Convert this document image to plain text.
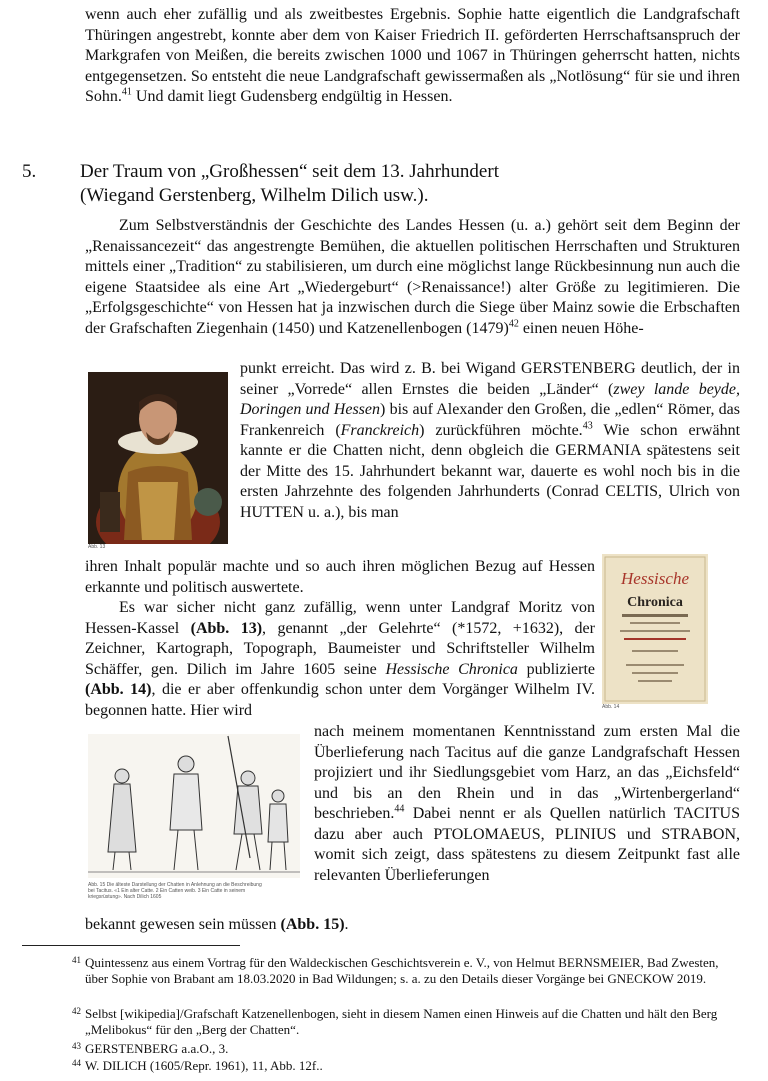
wenn auch eher zufällig und als zweitbestes Ergebnis. Sophie hatte eigentlich die Landgrafschaft Thüringen angestrebt, konnte aber dem von Kaiser Friedrich II. geförderten Herrschaftsanspruch der Markgrafen von Meißen, die bereits zwischen 1000 und 1067 in Thüringen geherrscht hatten, nichts entgegensetzen. So entsteht die neue Landgrafschaft gewissermaßen als „Notlösung“ für sie und ihren Sohn.$^{41}$ Und damit liegt Gudensberg endgültig in Hessen.

5. Der Traum von „Großhessen“ seit dem 13. Jahrhundert
(Wiegand Gerstenberg, Wilhelm Dilich usw.).

Zum Selbstverständnis der Geschichte des Landes Hessen (u. a.) gehört seit dem Beginn der „Renaissancezeit“ das angestrengte Bemühen, die aktuellen politischen Herrschaften und Strukturen mittels einer „Tradition“ zu stabilisieren, um durch eine möglichst lange Rückbesinnung nun auch die eigene Staatsidee als eine Art „Wiedergeburt“ (>Renaissance!) alter Größe zu legitimieren. Die „Erfolgsgeschichte“ von Hessen hat ja inzwischen durch die Siege über Mainz sowie die Erbschaften der Grafschaften Ziegenhain (1450) und Katzenellenbogen $(1479)^{42}$ einen neuen Höhe-

Abb. 13

punkt erreicht. Das wird z. B. bei Wigand GERSTENBERG deutlich, der in seiner „Vorrede“ allen Ernstes die beiden „Länder“ (zwey lande beyde, Doringen und Hessen) bis auf Alexander den Großen, die „edlen“ Römer, das Frankenreich (Franckreich) zurückführen möchte.$^{43}$ Wie schon erwähnt kannte er die Chatten nicht, denn obgleich die GERMANIA spätestens seit der Mitte des 15. Jahrhundert bekannt war, dauerte es wohl noch bis in die ersten Jahrzehnte des folgenden Jahrhunderts (Conrad CELTIS, Ulrich von HUTTEN u. a.), bis man

ihren Inhalt populär machte und so auch ihren möglichen Bezug auf Hessen erkannte und politisch auswertete.	Hessische
Chronica
Abb. 14

Es war sicher nicht ganz zufällig, wenn unter Landgraf Moritz von Hessen-Kassel (Abb. 13), genannt „der Gelehrte“ (*1572, +1632), der Zeichner, Kartograph, Topograph, Baumeister und Schriftsteller Wilhelm Schäffer, gen. Dilich im Jahre 1605 seine Hessische Chronica publizierte (Abb. 14), die er aber offenkundig schon unter dem Vorgänger Wilhelm IV. begonnen hatte. Hier wird

Abb. 15 Die älteste Darstellung der Chatten in Anlehnung an die Beschreibung bei Tacitus. «1 Ein alter Catte. 2 Ein Catten weib. 3 Ein Catte in seinem kriegsrüstung». Nach Dilich 1605

nach meinem momentanen Kenntnisstand zum ersten Mal die Überlieferung nach Tacitus auf die ganze Landgrafschaft Hessen projiziert und ihr Siedlungsgebiet vom Harz, an das „Eichsfeld“ und bis an den Rhein und in das „Wirtenbergerland“ beschrieben.$^{44}$ Dabei nennt er als Quellen natürlich TACITUS dazu aber auch PTOLOMAEUS, PLINIUS und STRABON, womit sich zeigt, dass spätestens zu diesem Zeitpunkt fast alle relevanten Überlieferungen

bekannt gewesen sein müssen (Abb. 15).

41 Quintessenz aus einem Vortrag für den Waldeckischen Geschichtsverein e. V., von Helmut BERNSMEIER, Bad Zwesten, über Sophie von Brabant am 18.03.2020 in Bad Wildungen; s. a. zu den Details dieser Vorgänge bei GNECKOW 2019.
42 Selbst [wikipedia]/Grafschaft Katzenellenbogen, sieht in diesem Namen einen Hinweis auf die Chatten und hält den Berg „Melibokus“ für den „Berg der Chatten“.
43 GERSTENBERG a.a.O., 3.
44 W. DILICH (1605/Repr. 1961), 11, Abb. 12f..
